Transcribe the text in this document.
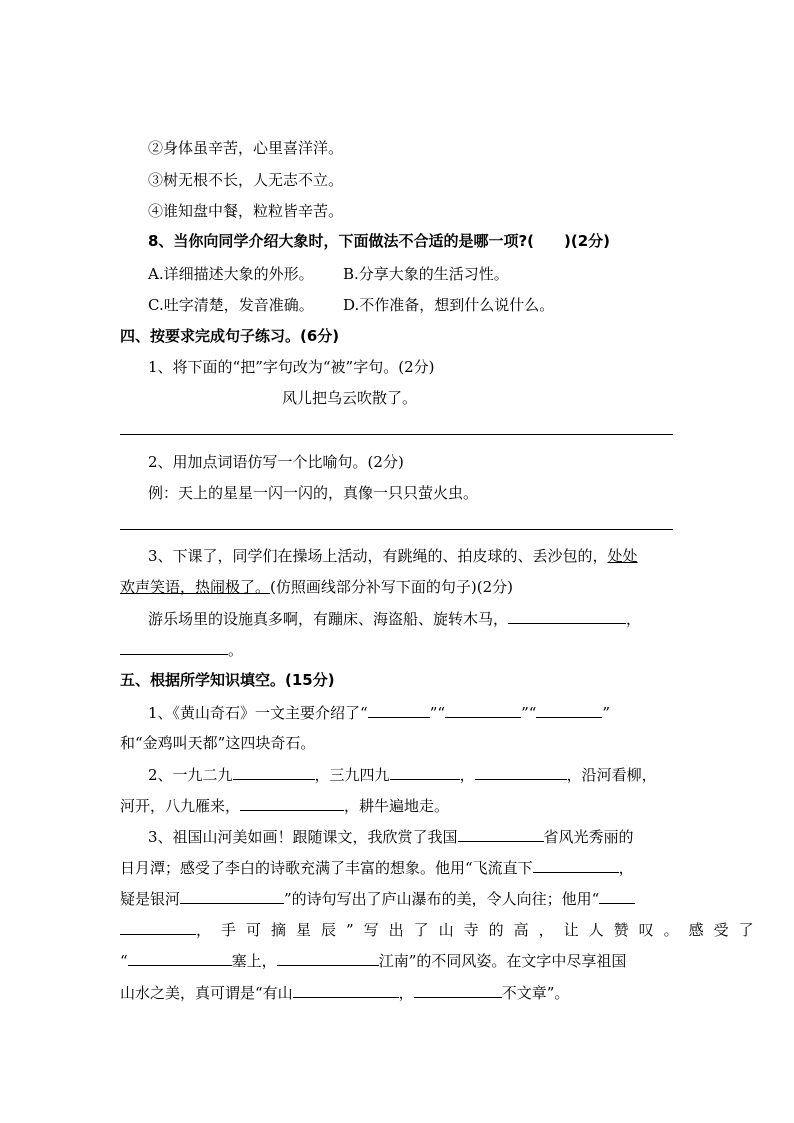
②身体虽辛苦，心里喜洋洋。
③树无根不长，人无志不立。
④谁知盘中餐，粒粒皆辛苦。
8、当你向同学介绍大象时，下面做法不合适的是哪一项?(　　)(2分)
A.详细描述大象的外形。 B.分享大象的生活习性。
C.吐字清楚，发音准确。 D.不作准备，想到什么说什么。
四、按要求完成句子练习。(6分)
1、将下面的“把”字句改为“被”字句。(2分)
风儿把乌云吹散了。
2、用加点词语仿写一个比喻句。(2分)
例：天上的星星一闪一闪的，真像一只只萤火虫。
3、下课了，同学们在操场上活动，有跳绳的、拍皮球的、丢沙包的，处处
欢声笑语，热闹极了。(仿照画线部分补写下面的句子)(2分)
游乐场里的设施真多啊，有蹦床、海盗船、旋转木马，	，
。
五、根据所学知识填空。(15分)
1、《黄山奇石》一文主要介绍了“	”“	”“	”
和“金鸡叫天都”这四块奇石。
2、一九二九	，三九四九	，	，沿河看柳，
河开，八九雁来，	，耕牛遍地走。
3、祖国山河美如画！跟随课文，我欣赏了我国	省风光秀丽的
日月潭；感受了李白的诗歌充满了丰富的想象。他用“飞流直下	，
疑是银河	”的诗句写出了庐山瀑布的美，令人向往；他用“
，手可摘星辰”写出了山寺的高，让人赞叹。感受了
“	塞上，	江南”的不同风姿。在文字中尽享祖国
山水之美，真可谓是“有山	，	不文章”。
